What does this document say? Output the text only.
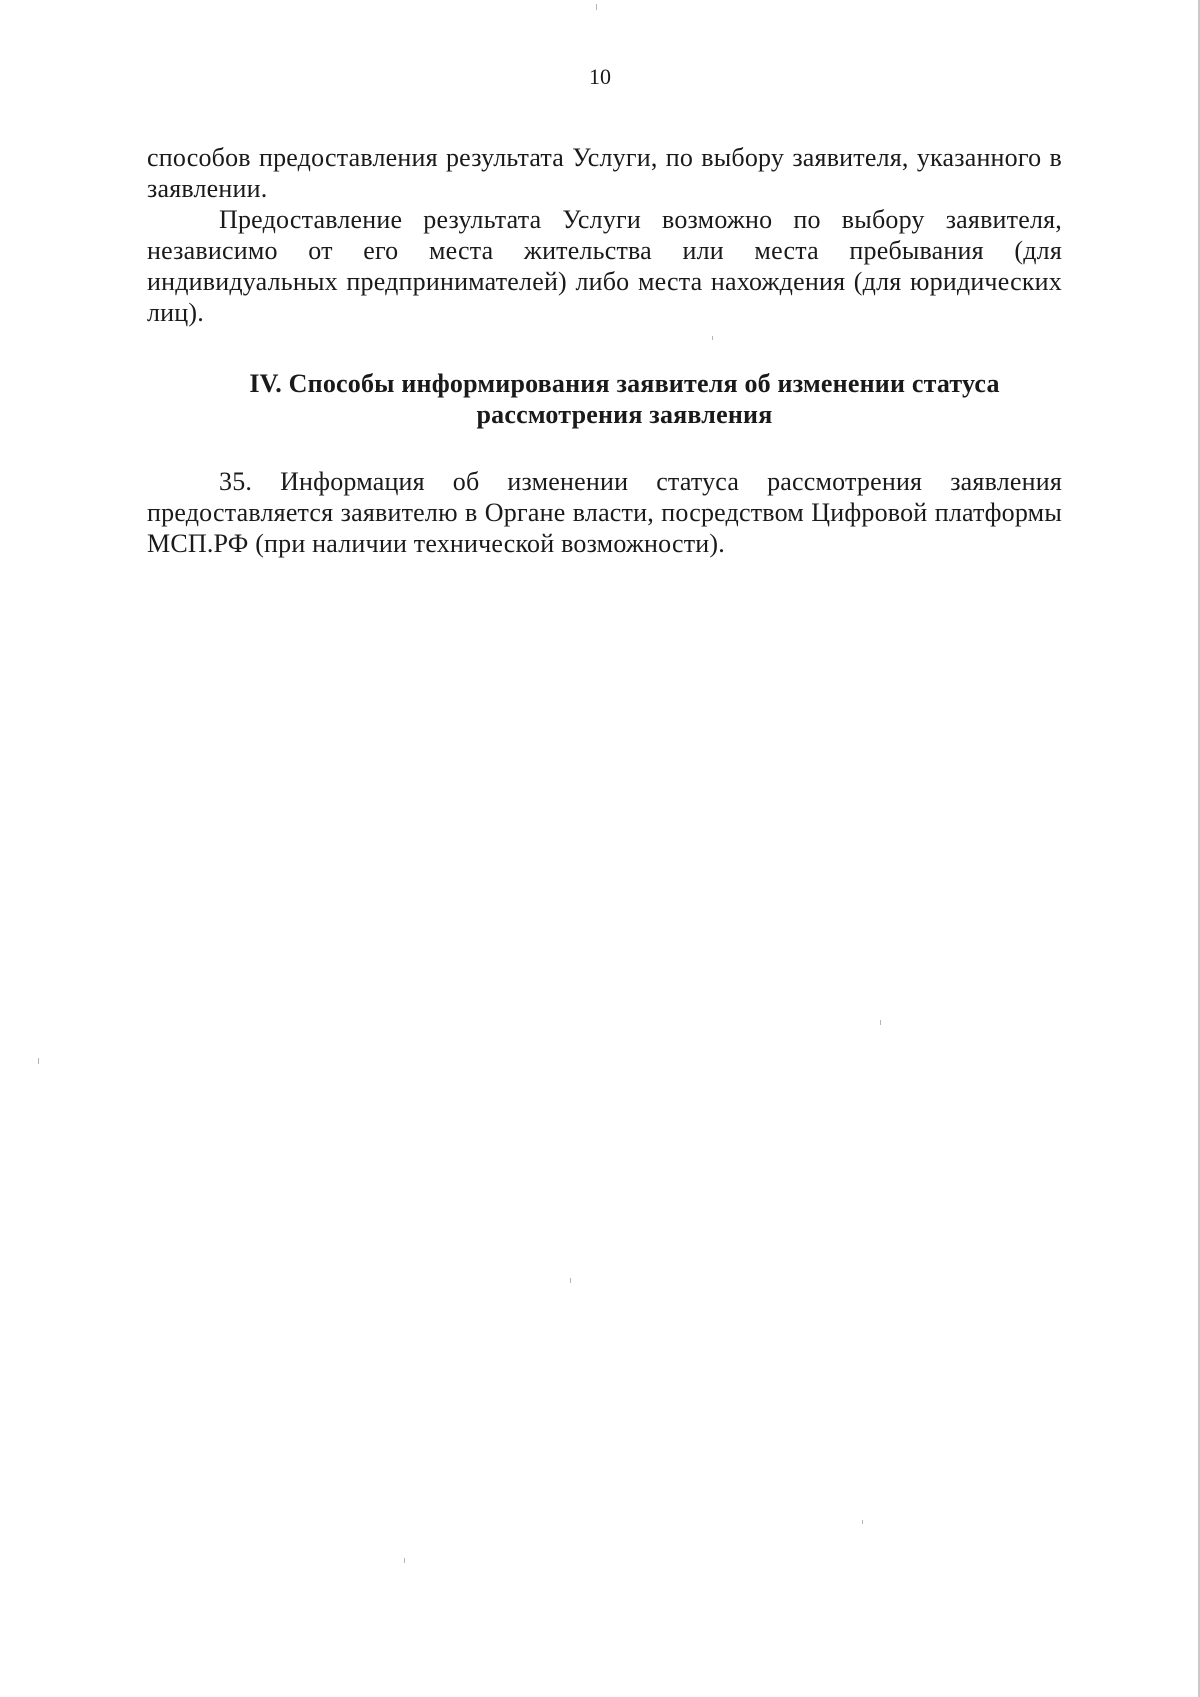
10

способов предоставления результата Услуги, по выбору заявителя, указанного в заявлении.

Предоставление результата Услуги возможно по выбору заявителя, независимо от его места жительства или места пребывания (для индивидуальных предпринимателей) либо места нахождения (для юридических лиц).

IV. Способы информирования заявителя об изменении статуса
рассмотрения заявления

35. Информация об изменении статуса рассмотрения заявления предоставляется заявителю в Органе власти, посредством Цифровой платформы МСП.РФ (при наличии технической возможности).
